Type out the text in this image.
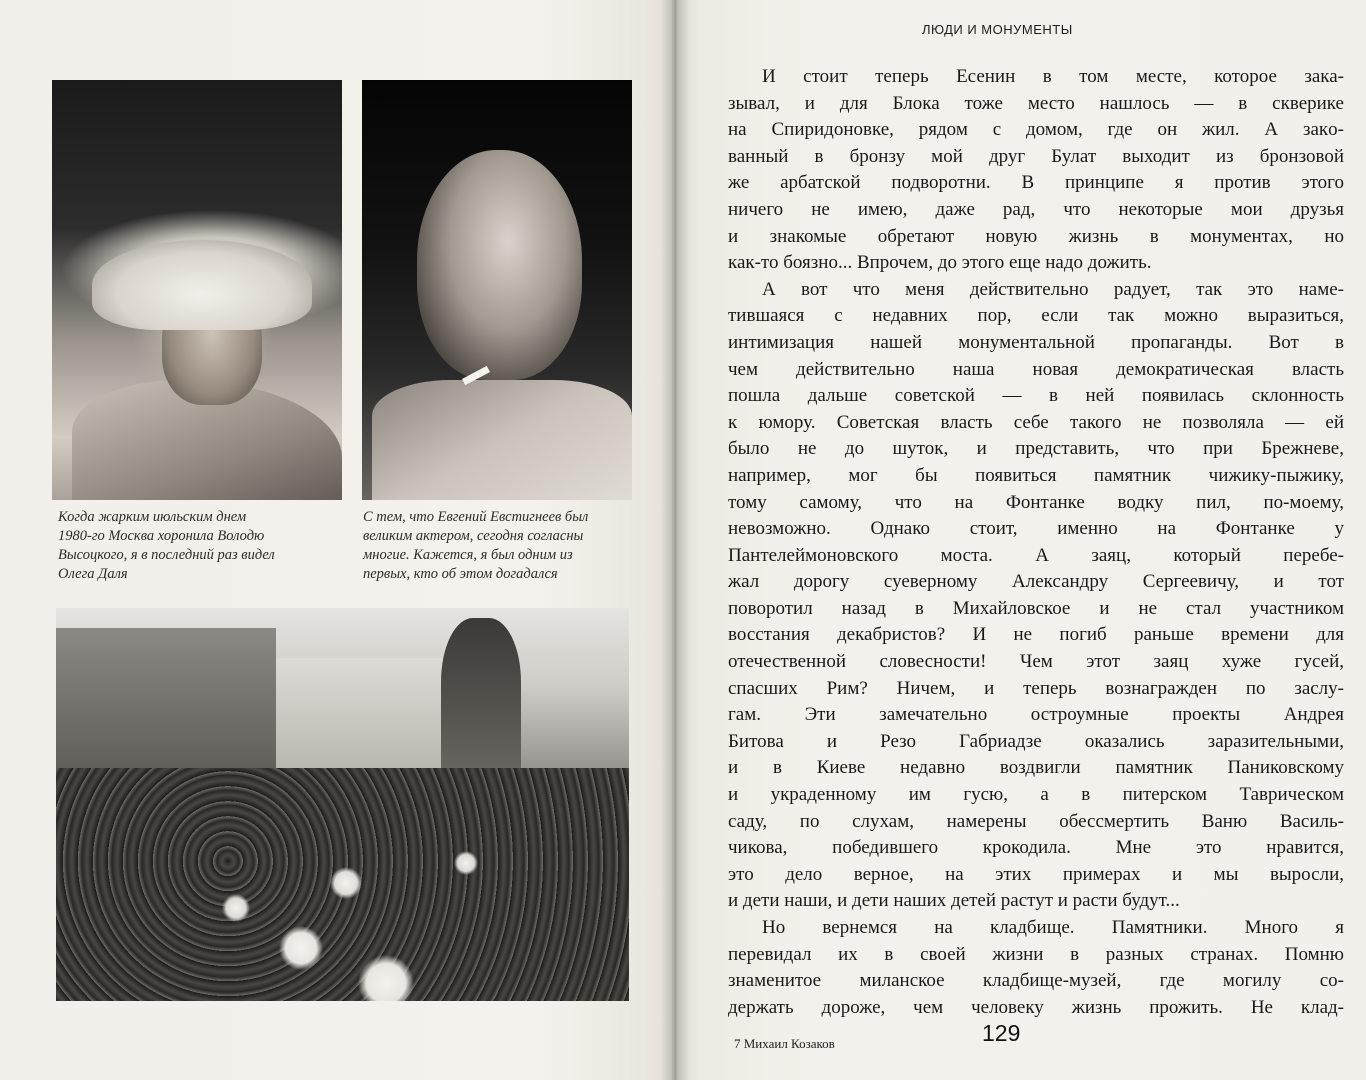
Когда жарким июльским днем
1980-го Москва хоронила Володю
Высоцкого, я в последний раз видел
Олега Даля
С тем, что Евгений Евстигнеев был
великим актером, сегодня согласны
многие. Кажется, я был одним из
первых, кто об этом догадался
ЛЮДИ И МОНУМЕНТЫ
И стоит теперь Есенин в том месте, которое зака-
зывал, и для Блока тоже место нашлось — в скверике
на Спиридоновке, рядом с домом, где он жил. А закo-
ванный в бронзу мой друг Булат выходит из бронзовой
же арбатской подворотни. В принципе я против этого
ничего не имею, даже рад, что некоторые мои друзья
и знакомые обретают новую жизнь в монументах, но
как-то боязно... Впрочем, до этого еще надо дожить.
А вот что меня действительно радует, так это наме-
тившаяся с недавних пор, если так можно выразиться,
интимизация нашей монументальной пропаганды. Вот в
чем действительно наша новая демократическая власть
пошла дальше советской — в ней появилась склонность
к юмору. Советская власть себе такого не позволяла — ей
было не до шуток, и представить, что при Брежневе,
например, мог бы появиться памятник чижику-пыжику,
тому самому, что на Фонтанке водку пил, по-моему,
невозможно. Однако стоит, именно на Фонтанке у
Пантелеймоновского моста. А заяц, который перебе-
жал дорогу суеверному Александру Сергеевичу, и тот
поворотил назад в Михайловское и не стал участником
восстания декабристов? И не погиб раньше времени для
отечественной словесности! Чем этот заяц хуже гусей,
спасших Рим? Ничем, и теперь вознагражден по заслу-
гам. Эти замечательно остроумные проекты Андрея
Битова и Резо Габриадзе оказались заразительными,
и в Киеве недавно воздвигли памятник Паниковскому
и украденному им гусю, а в питерском Таврическом
саду, по слухам, намерены обессмертить Ваню Василь-
чикова, победившего крокодила. Мне это нравится,
это дело верное, на этих примерах и мы выросли,
и дети наши, и дети наших детей растут и расти будут...
Но вернемся на кладбище. Памятники. Много я
перевидал их в своей жизни в разных странах. Помню
знаменитое миланское кладбище-музей, где могилу со-
держать дороже, чем человеку жизнь прожить. Не клад-
7 Михаил Козаков	129
